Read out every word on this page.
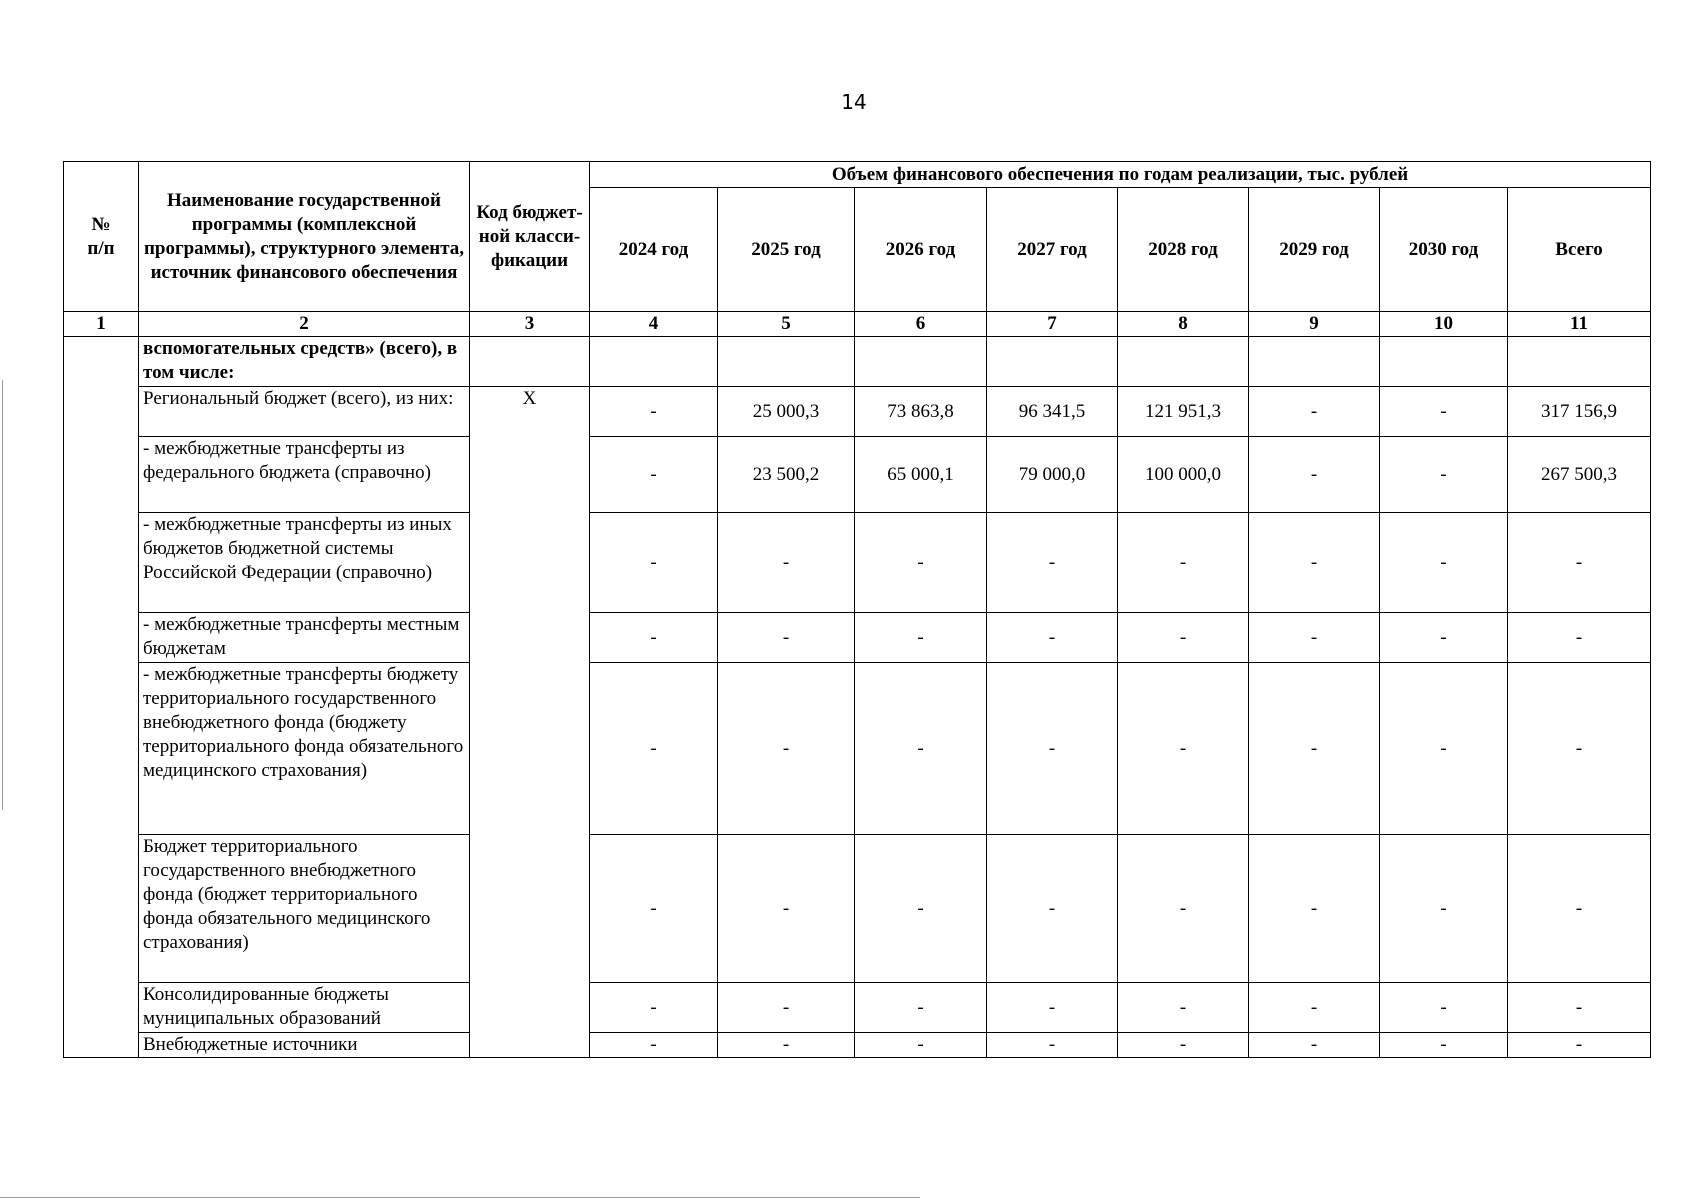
14
№
п/п	Наименование государственной программы (комплексной программы), структурного элемента, источник финансового обеспечения	Код бюджет-ной класси-фикации	Объем финансового обеспечения по годам реализации, тыс. рублей							
			2024 год	2025 год	2026 год	2027 год	2028 год	2029 год	2030 год	Всего
1	2	3	4	5	6	7	8	9	10	11
	вспомогательных средств» (всего), в том числе:									
	Региональный бюджет (всего), из них:	X	-	25 000,3	73 863,8	96 341,5	121 951,3	-	-	317 156,9
	- межбюджетные трансферты из федерального бюджета (справочно)		-	23 500,2	65 000,1	79 000,0	100 000,0	-	-	267 500,3
	- межбюджетные трансферты из иных бюджетов бюджетной системы Российской Федерации (справочно)		-	-	-	-	-	-	-	-
	- межбюджетные трансферты местным бюджетам		-	-	-	-	-	-	-	-
	- межбюджетные трансферты бюджету территориального государственного внебюджетного фонда (бюджету территориального фонда обязательного медицинского страхования)		-	-	-	-	-	-	-	-
	Бюджет территориального государственного внебюджетного фонда (бюджет территориального фонда обязательного медицинского страхования)		-	-	-	-	-	-	-	-
	Консолидированные бюджеты муниципальных образований		-	-	-	-	-	-	-	-
	Внебюджетные источники		-	-	-	-	-	-	-	-
